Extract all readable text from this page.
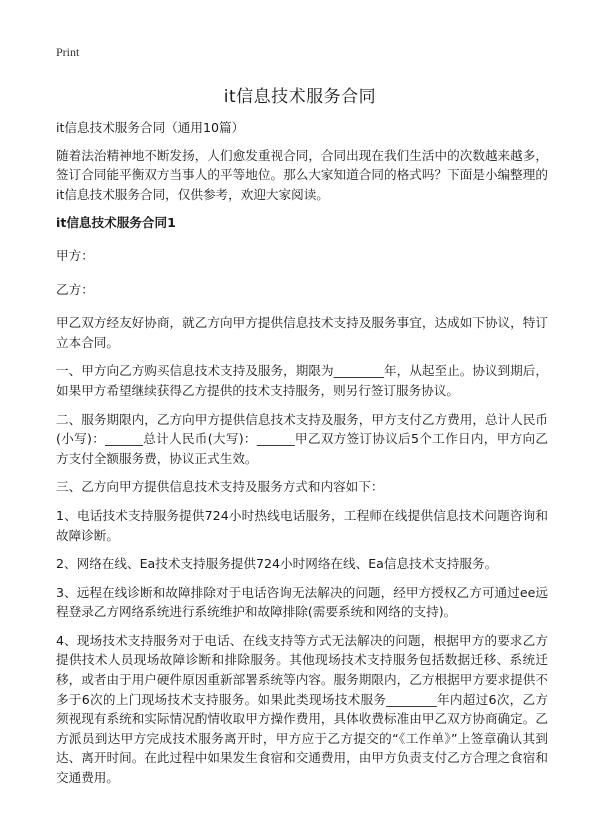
Print
it信息技术服务合同

it信息技术服务合同（通用10篇）

随着法治精神地不断发扬，人们愈发重视合同，合同出现在我们生活中的次数越来越多，签订合同能平衡双方当事人的平等地位。那么大家知道合同的格式吗？下面是小编整理的it信息技术服务合同，仅供参考，欢迎大家阅读。

it信息技术服务合同1

甲方：

乙方：

甲乙双方经友好协商，就乙方向甲方提供信息技术支持及服务事宜，达成如下协议，特订立本合同。

一、甲方向乙方购买信息技术支持及服务，期限为________年，从起至止。协议到期后，如果甲方希望继续获得乙方提供的技术支持服务，则另行签订服务协议。

二、服务期限内，乙方向甲方提供信息技术支持及服务，甲方支付乙方费用，总计人民币(小写)：______总计人民币(大写)：______甲乙双方签订协议后5个工作日内，甲方向乙方支付全额服务费，协议正式生效。

三、乙方向甲方提供信息技术支持及服务方式和内容如下：

1、电话技术支持服务提供724小时热线电话服务，工程师在线提供信息技术问题咨询和故障诊断。

2、网络在线、Ea技术支持服务提供724小时网络在线、Ea信息技术支持服务。

3、远程在线诊断和故障排除对于电话咨询无法解决的问题，经甲方授权乙方可通过ee远程登录乙方网络系统进行系统维护和故障排除(需要系统和网络的支持)。

4、现场技术支持服务对于电话、在线支持等方式无法解决的问题，根据甲方的要求乙方提供技术人员现场故障诊断和排除服务。其他现场技术支持服务包括数据迁移、系统迁移，或者由于用户硬件原因重新部署系统等内容。服务期限内，乙方根据甲方要求提供不多于6次的上门现场技术支持服务。如果此类现场技术服务________年内超过6次，乙方须视现有系统和实际情况酌情收取甲方操作费用，具体收费标准由甲乙双方协商确定。乙方派员到达甲方完成技术服务离开时，甲方应于乙方提交的“《工作单》”上签章确认其到达、离开时间。在此过程中如果发生食宿和交通费用，由甲方负责支付乙方合理之食宿和交通费用。
